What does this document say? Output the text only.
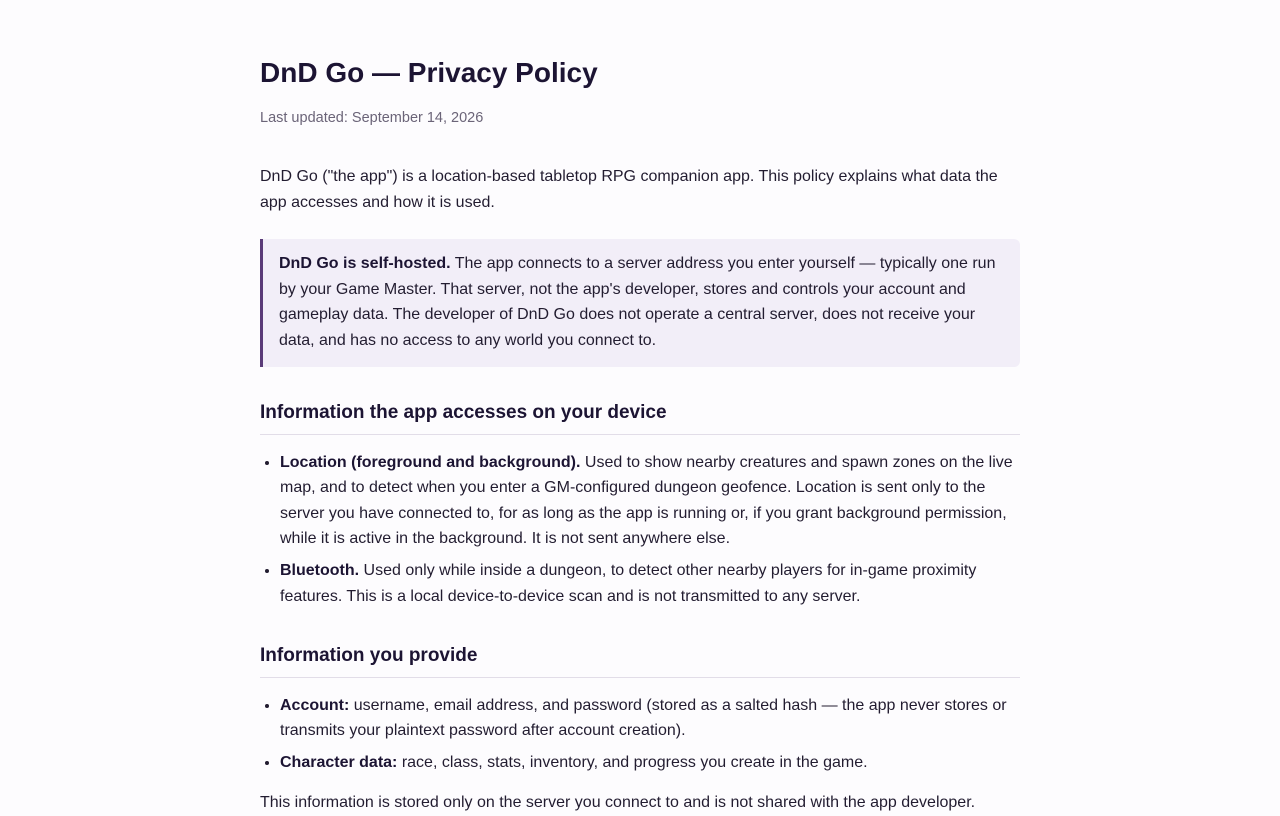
DnD Go — Privacy Policy
Last updated: September 14, 2026

DnD Go ("the app") is a location-based tabletop RPG companion app. This policy explains what data the app accesses and how it is used.

DnD Go is self-hosted. The app connects to a server address you enter yourself — typically one run by your Game Master. That server, not the app's developer, stores and controls your account and gameplay data. The developer of DnD Go does not operate a central server, does not receive your data, and has no access to any world you connect to.
Information the app accesses on your device
• Location (foreground and background). Used to show nearby creatures and spawn zones on the live map, and to detect when you enter a GM-configured dungeon geofence. Location is sent only to the server you have connected to, for as long as the app is running or, if you grant background permission, while it is active in the background. It is not sent anywhere else.
• Bluetooth. Used only while inside a dungeon, to detect other nearby players for in-game proximity features. This is a local device-to-device scan and is not transmitted to any server.
Information you provide
• Account: username, email address, and password (stored as a salted hash — the app never stores or transmits your plaintext password after account creation).
• Character data: race, class, stats, inventory, and progress you create in the game.

This information is stored only on the server you connect to and is not shared with the app developer.
